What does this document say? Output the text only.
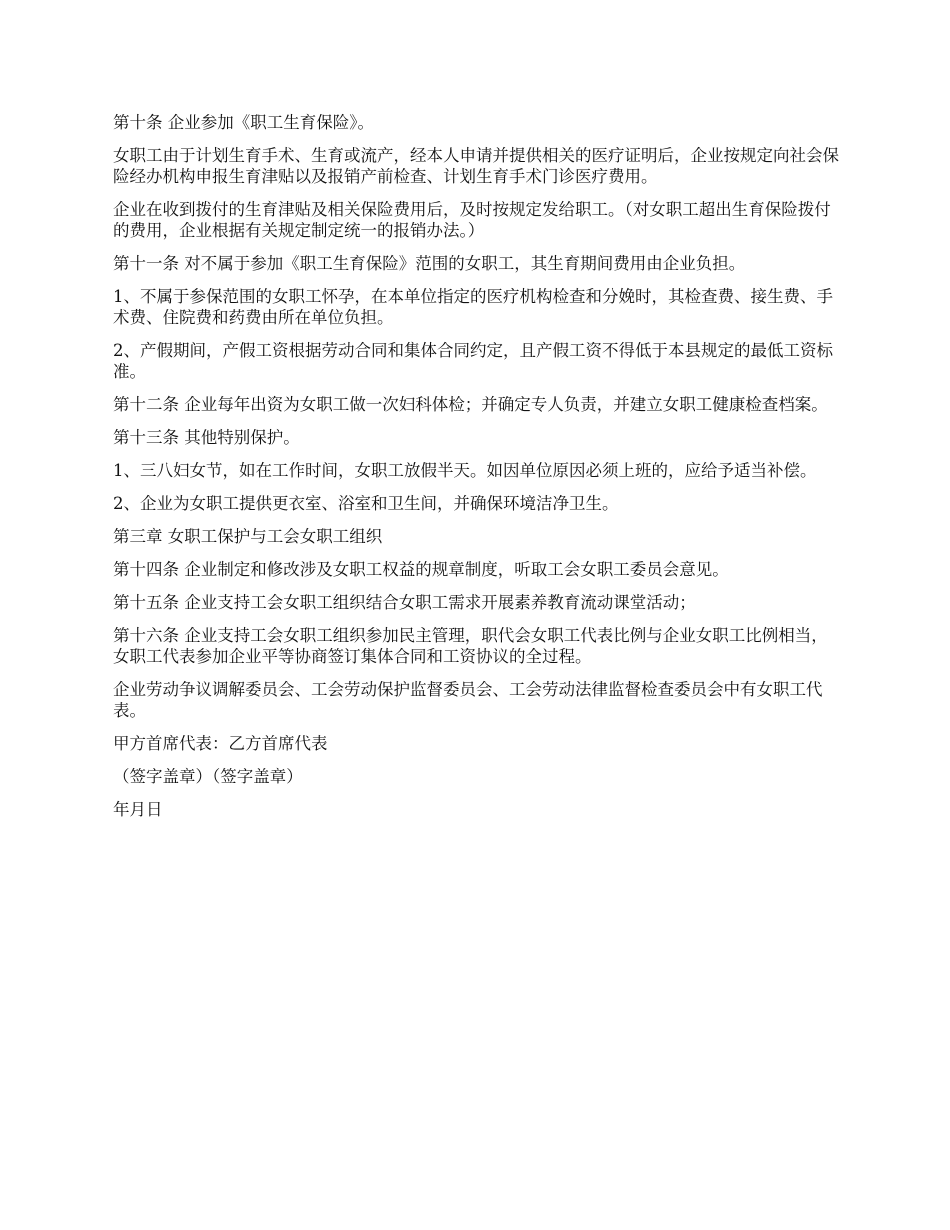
第十条 企业参加《职工生育保险》。

女职工由于计划生育手术、生育或流产，经本人申请并提供相关的医疗证明后，企业按规定向社会保险经办机构申报生育津贴以及报销产前检查、计划生育手术门诊医疗费用。

企业在收到拨付的生育津贴及相关保险费用后，及时按规定发给职工。（对女职工超出生育保险拨付的费用，企业根据有关规定制定统一的报销办法。）

第十一条 对不属于参加《职工生育保险》范围的女职工，其生育期间费用由企业负担。

1、不属于参保范围的女职工怀孕，在本单位指定的医疗机构检查和分娩时，其检查费、接生费、手术费、住院费和药费由所在单位负担。

2、产假期间，产假工资根据劳动合同和集体合同约定，且产假工资不得低于本县规定的最低工资标准。

第十二条 企业每年出资为女职工做一次妇科体检；并确定专人负责，并建立女职工健康检查档案。

第十三条 其他特别保护。

1、三八妇女节，如在工作时间，女职工放假半天。如因单位原因必须上班的，应给予适当补偿。

2、企业为女职工提供更衣室、浴室和卫生间，并确保环境洁净卫生。

第三章 女职工保护与工会女职工组织

第十四条 企业制定和修改涉及女职工权益的规章制度，听取工会女职工委员会意见。

第十五条 企业支持工会女职工组织结合女职工需求开展素养教育流动课堂活动；

第十六条 企业支持工会女职工组织参加民主管理，职代会女职工代表比例与企业女职工比例相当，女职工代表参加企业平等协商签订集体合同和工资协议的全过程。

企业劳动争议调解委员会、工会劳动保护监督委员会、工会劳动法律监督检查委员会中有女职工代表。

甲方首席代表：乙方首席代表

（签字盖章）（签字盖章）

年月日
